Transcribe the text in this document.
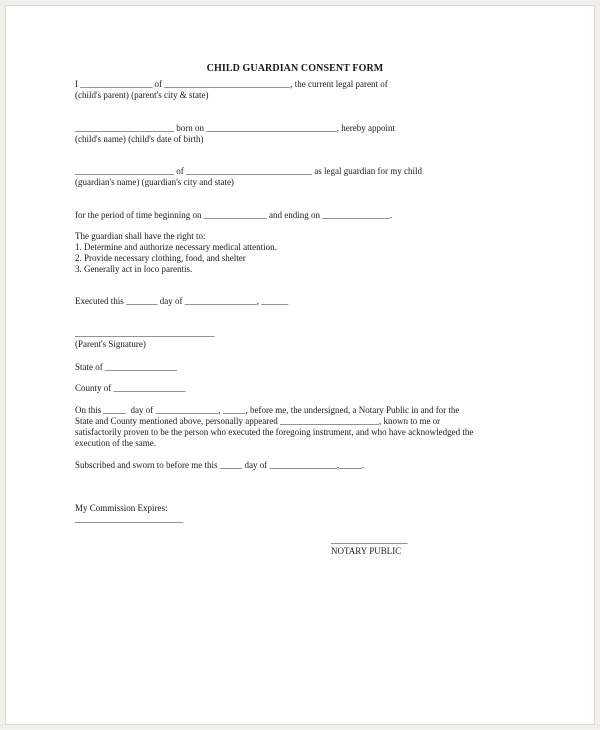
CHILD GUARDIAN CONSENT FORM
I ________________ of ____________________________, the current legal parent of
(child's parent) (parent's city & state)
______________________ born on _____________________________, hereby appoint
(child's name) (child's date of birth)
______________________ of ____________________________ as legal guardian for my child
(guardian's name) (guardian's city and state)
for the period of time beginning on ______________ and ending on _______________.
The guardian shall have the right to:
1. Determine and authorize necessary medical attention.
2. Provide necessary clothing, food, and shelter
3. Generally act in loco parentis.
Executed this _______ day of ________________, ______
_______________________________
(Parent's Signature)
State of ________________
County of ________________
On this _____  day of ______________, _____, before me, the undersigned, a Notary Public in and for the
State and County mentioned above, personally appeared ______________________, known to me or
satisfactorily proven to be the person who executed the foregoing instrument, and who have acknowledged the
execution of the same.
Subscribed and sworn to before me this _____ day of _______________,_____.
My Commission Expires:
________________________
_________________
NOTARY PUBLIC
